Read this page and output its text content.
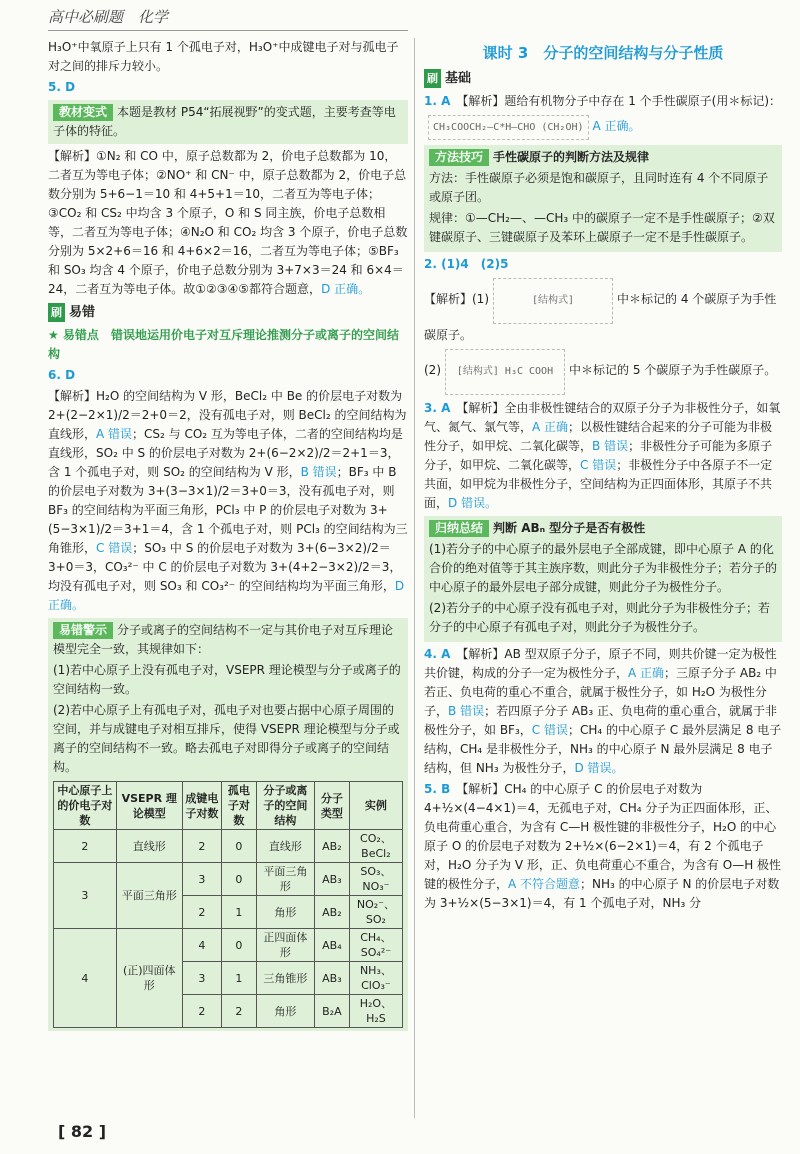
高中必刷题　化学

H₃O⁺中氧原子上只有 1 个孤电子对，H₃O⁺中成键电子对与孤电子对之间的排斥力较小。

5. D

教材变式 本题是教材 P54“拓展视野”的变式题，主要考查等电子体的特征。

【解析】①N₂ 和 CO 中，原子总数都为 2，价电子总数都为 10，二者互为等电子体；②NO⁺ 和 CN⁻ 中，原子总数都为 2，价电子总数分别为 5+6−1＝10 和 4+5+1＝10，二者互为等电子体；③CO₂ 和 CS₂ 中均含 3 个原子，O 和 S 同主族，价电子总数相等，二者互为等电子体；④N₂O 和 CO₂ 均含 3 个原子，价电子总数分别为 5×2+6＝16 和 4+6×2＝16，二者互为等电子体；⑤BF₃ 和 SO₃ 均含 4 个原子，价电子总数分别为 3+7×3＝24 和 6×4＝24，二者互为等电子体。故①②③④⑤都符合题意，D 正确。

刷 易错

★ 易错点　 错误地运用价电子对互斥理论推测分子或离子的空间结构

6. D

【解析】H₂O 的空间结构为 V 形，BeCl₂ 中 Be 的价层电子对数为 2+(2−2×1)/2＝2+0＝2，没有孤电子对，则 BeCl₂ 的空间结构为直线形，A 错误；CS₂ 与 CO₂ 互为等电子体，二者的空间结构均是直线形，SO₂ 中 S 的价层电子对数为 2+(6−2×2)/2＝2+1＝3，含 1 个孤电子对，则 SO₂ 的空间结构为 V 形，B 错误；BF₃ 中 B 的价层电子对数为 3+(3−3×1)/2＝3+0＝3，没有孤电子对，则 BF₃ 的空间结构为平面三角形，PCl₃ 中 P 的价层电子对数为 3+(5−3×1)/2＝3+1＝4，含 1 个孤电子对，则 PCl₃ 的空间结构为三角锥形，C 错误；SO₃ 中 S 的价层电子对数为 3+(6−3×2)/2＝3+0＝3，CO₃²⁻ 中 C 的价层电子对数为 3+(4+2−3×2)/2＝3，均没有孤电子对，则 SO₃ 和 CO₃²⁻ 的空间结构均为平面三角形，D 正确。

易错警示 分子或离子的空间结构不一定与其价电子对互斥理论模型完全一致，其规律如下：

(1)若中心原子上没有孤电子对，VSEPR 理论模型与分子或离子的空间结构一致。

(2)若中心原子上有孤电子对，孤电子对也要占据中心原子周围的空间，并与成键电子对相互排斥，使得 VSEPR 理论模型与分子或离子的空间结构不一致。略去孤电子对即得分子或离子的空间结构。

中心原子上的价电子对数	VSEPR 理论模型	成键电子对数	孤电子对数	分子或离子的空间结构	分子类型	实例
2	直线形	2	0	直线形	AB₂	CO₂、BeCl₂
3	平面三角形	3	0	平面三角形	AB₃	SO₃、NO₃⁻
		2	1	角形	AB₂	NO₂⁻、SO₂
4	(正)四面体形	4	0	正四面体形	AB₄	CH₄、SO₄²⁻
		3	1	三角锥形	AB₃	NH₃、ClO₃⁻
		2	2	角形	B₂A	H₂O、H₂S
课时 3　分子的空间结构与分子性质
刷 基础

1. A　 【解析】题给有机物分子中存在 1 个手性碳原子(用＊标记)：

CH₃COOCH₂—C*H—CHO (CH₂OH) A 正确。

方法技巧 手性碳原子的判断方法及规律

方法：手性碳原子必须是饱和碳原子，且同时连有 4 个不同原子或原子团。

规律：①—CH₂—、—CH₃ 中的碳原子一定不是手性碳原子；②双键碳原子、三键碳原子及苯环上碳原子一定不是手性碳原子。

2. (1)4　(2)5

【解析】(1)	[结构式]	中＊标记的 4 个碳原子为手性碳原子。

(2) [结构式] H₃C COOH 中＊标记的 5 个碳原子为手性碳原子。

3. A　 【解析】全由非极性键结合的双原子分子为非极性分子，如氧气、氮气、氯气等，A 正确；以极性键结合起来的分子可能为非极性分子，如甲烷、二氧化碳等，B 错误；非极性分子可能为多原子分子，如甲烷、二氧化碳等，C 错误；非极性分子中各原子不一定共面，如甲烷为非极性分子，空间结构为正四面体形，其原子不共面，D 错误。

归纳总结 判断 ABₙ 型分子是否有极性

(1)若分子的中心原子的最外层电子全部成键，即中心原子 A 的化合价的绝对值等于其主族序数，则此分子为非极性分子；若分子的中心原子的最外层电子部分成键，则此分子为极性分子。

(2)若分子的中心原子没有孤电子对，则此分子为非极性分子；若分子的中心原子有孤电子对，则此分子为极性分子。

4. A　 【解析】AB 型双原子分子，原子不同，则共价键一定为极性共价键，构成的分子一定为极性分子，A 正确；三原子分子 AB₂ 中若正、负电荷的重心不重合，就属于极性分子，如 H₂O 为极性分子，B 错误；若四原子分子 AB₃ 正、负电荷的重心重合，就属于非极性分子，如 BF₃，C 错误；CH₄ 的中心原子 C 最外层满足 8 电子结构，CH₄ 是非极性分子，NH₃ 的中心原子 N 最外层满足 8 电子结构，但 NH₃ 为极性分子，D 错误。

5. B　 【解析】CH₄ 的中心原子 C 的价层电子对数为 4+½×(4−4×1)＝4，无孤电子对，CH₄ 分子为正四面体形，正、负电荷重心重合，为含有 C—H 极性键的非极性分子，H₂O 的中心原子 O 的价层电子对数为 2+½×(6−2×1)＝4，有 2 个孤电子对，H₂O 分子为 V 形，正、负电荷重心不重合，为含有 O—H 极性键的极性分子，A 不符合题意；NH₃ 的中心原子 N 的价层电子对数为 3+½×(5−3×1)＝4，有 1 个孤电子对，NH₃ 分

[ 82 ]
